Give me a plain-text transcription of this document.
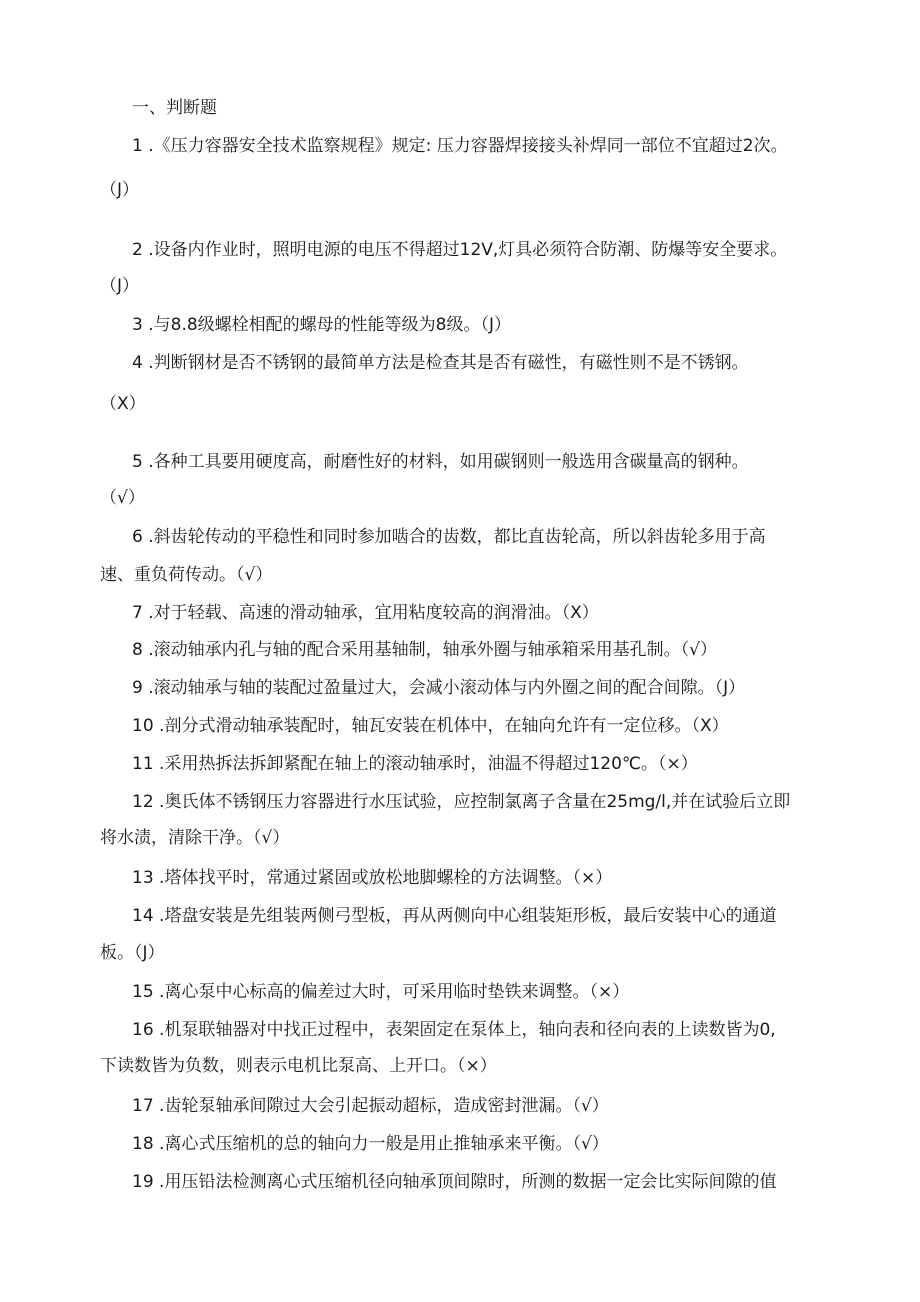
一、判断题
1 .《压力容器安全技术监察规程》规定: 压力容器焊接接头补焊同一部位不宜超过2次。
（J）
2 .设备内作业时，照明电源的电压不得超过12V,灯具必须符合防潮、防爆等安全要求。
（J）
3 .与8.8级螺栓相配的螺母的性能等级为8级。（J）
4 .判断钢材是否不锈钢的最简单方法是检查其是否有磁性，有磁性则不是不锈钢。
（X）
5 .各种工具要用硬度高，耐磨性好的材料，如用碳钢则一般选用含碳量高的钢种。
（√）
6 .斜齿轮传动的平稳性和同时参加啮合的齿数，都比直齿轮高，所以斜齿轮多用于高
速、重负荷传动。（√）
7 .对于轻载、高速的滑动轴承，宜用粘度较高的润滑油。（X）
8 .滚动轴承内孔与轴的配合采用基轴制，轴承外圈与轴承箱采用基孔制。（√）
9 .滚动轴承与轴的装配过盈量过大，会减小滚动体与内外圈之间的配合间隙。（J）
10 .剖分式滑动轴承装配时，轴瓦安装在机体中，在轴向允许有一定位移。（X）
11 .采用热拆法拆卸紧配在轴上的滚动轴承时，油温不得超过120℃。（×）
12 .奥氏体不锈钢压力容器进行水压试验，应控制氯离子含量在25mg∕l,并在试验后立即
将水渍，清除干净。（√）
13 .塔体找平时，常通过紧固或放松地脚螺栓的方法调整。（×）
14 .塔盘安装是先组装两侧弓型板，再从两侧向中心组装矩形板，最后安装中心的通道
板。（J）
15 .离心泵中心标高的偏差过大时，可采用临时垫铁来调整。（×）
16 .机泵联轴器对中找正过程中，表架固定在泵体上，轴向表和径向表的上读数皆为0,
下读数皆为负数，则表示电机比泵高、上开口。（×）
17 .齿轮泵轴承间隙过大会引起振动超标，造成密封泄漏。（√）
18 .离心式压缩机的总的轴向力一般是用止推轴承来平衡。（√）
19 .用压铅法检测离心式压缩机径向轴承顶间隙时，所测的数据一定会比实际间隙的值
